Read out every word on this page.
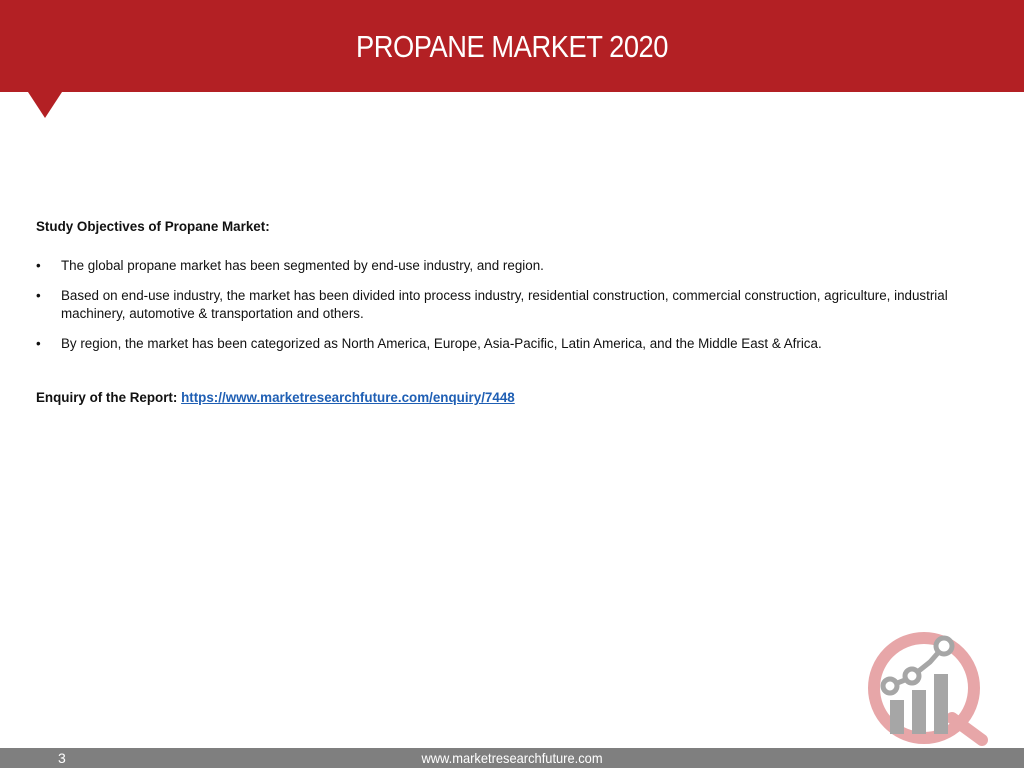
PROPANE MARKET 2020
Study Objectives of Propane Market:
• The global propane market has been segmented by end-use industry, and region.
• Based on end-use industry, the market has been divided into process industry, residential construction, commercial construction, agriculture, industrial machinery, automotive & transportation and others.
• By region, the market has been categorized as North America, Europe, Asia-Pacific, Latin America, and the Middle East & Africa.
Enquiry of the Report: https://www.marketresearchfuture.com/enquiry/7448
www.marketresearchfuture.com
3
